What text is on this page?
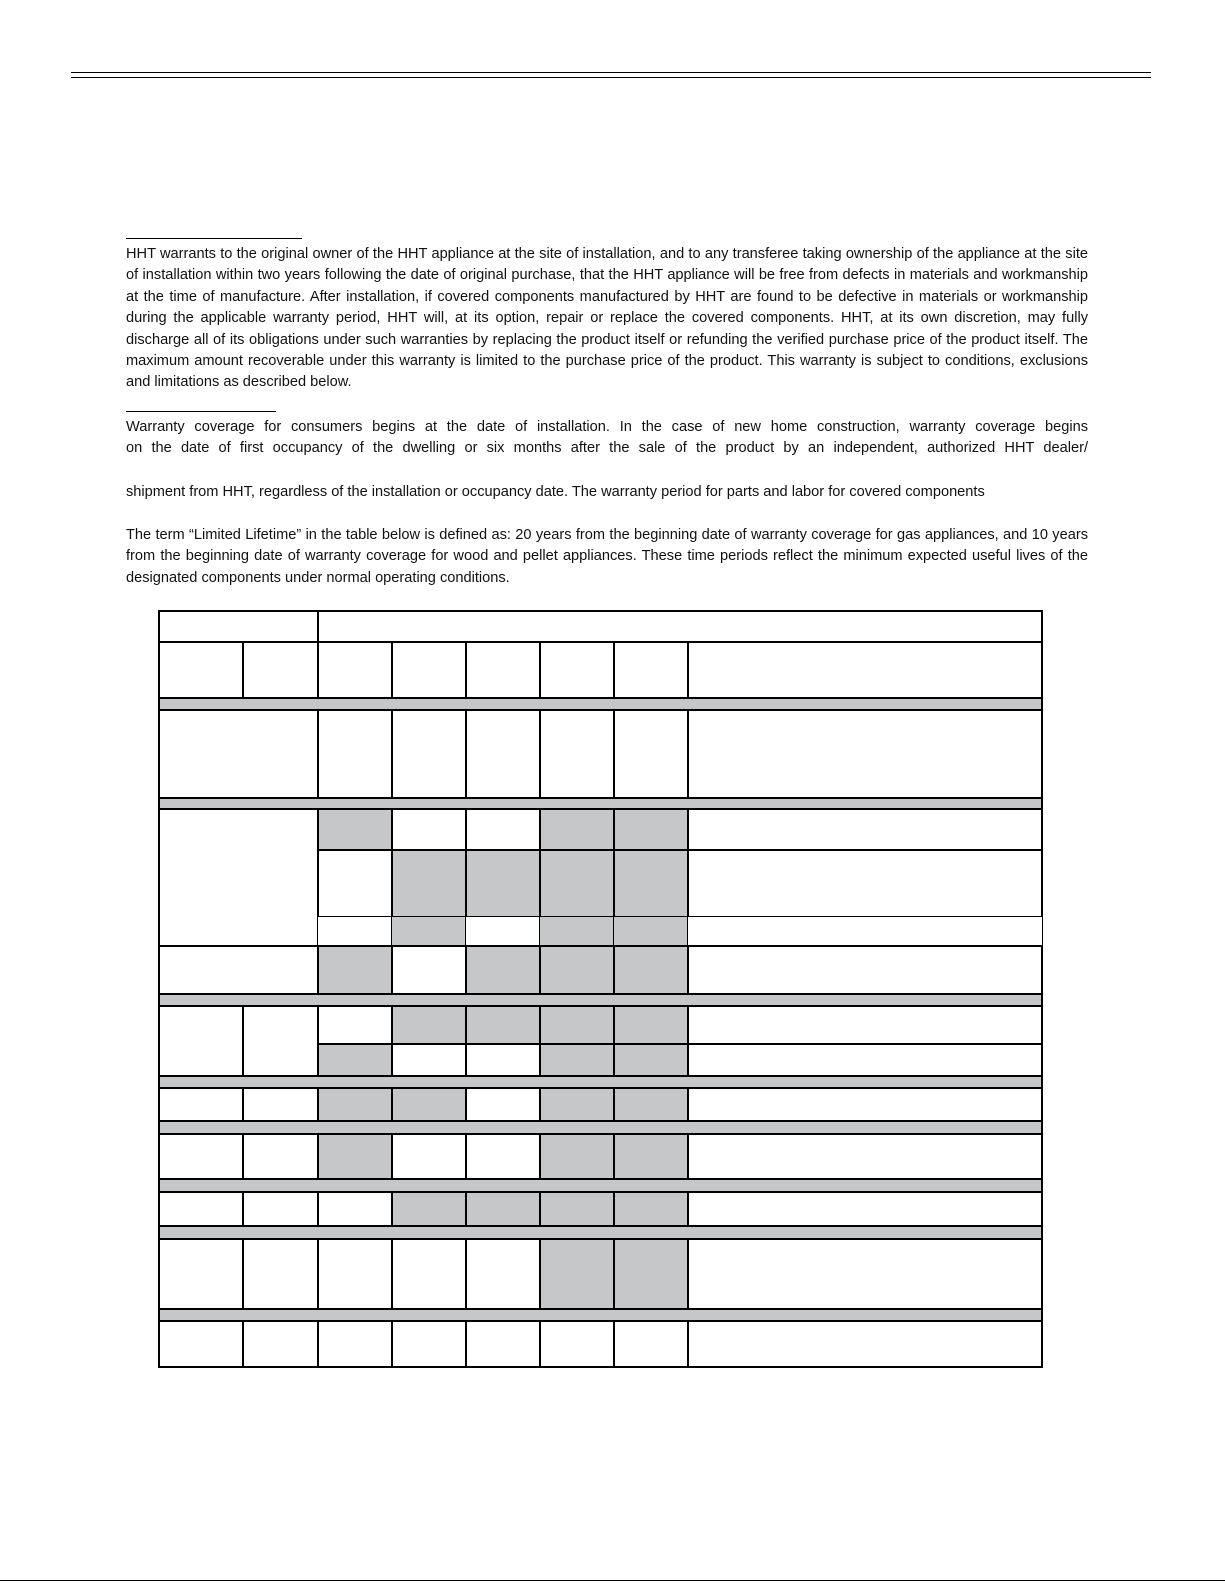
HHT warrants to the original owner of the HHT appliance at the site of installation, and to any transferee taking ownership of the appliance at the site of installation within two years following the date of original purchase, that the HHT appliance will be free from defects in materials and workmanship at the time of manufacture. After installation, if covered components manufactured by HHT are found to be defective in materials or workmanship during the applicable warranty period, HHT will, at its option, repair or replace the covered components. HHT, at its own discretion, may fully discharge all of its obligations under such warranties by replacing the product itself or refunding the verified purchase price of the product itself. The maximum amount recoverable under this warranty is limited to the purchase price of the product. This warranty is subject to conditions, exclusions and limitations as described below.

Warranty coverage for consumers begins at the date of installation. In the case of new home construction, warranty coverage begins

on the date of first occupancy of the dwelling or six months after the sale of the product by an independent, authorized HHT dealer/

shipment from HHT, regardless of the installation or occupancy date. The warranty period for parts and labor for covered components

The term “Limited Lifetime” in the table below is defined as: 20 years from the beginning date of warranty coverage for gas appliances, and 10 years from the beginning date of warranty coverage for wood and pellet appliances. These time periods reflect the minimum expected useful lives of the designated components under normal operating conditions.
